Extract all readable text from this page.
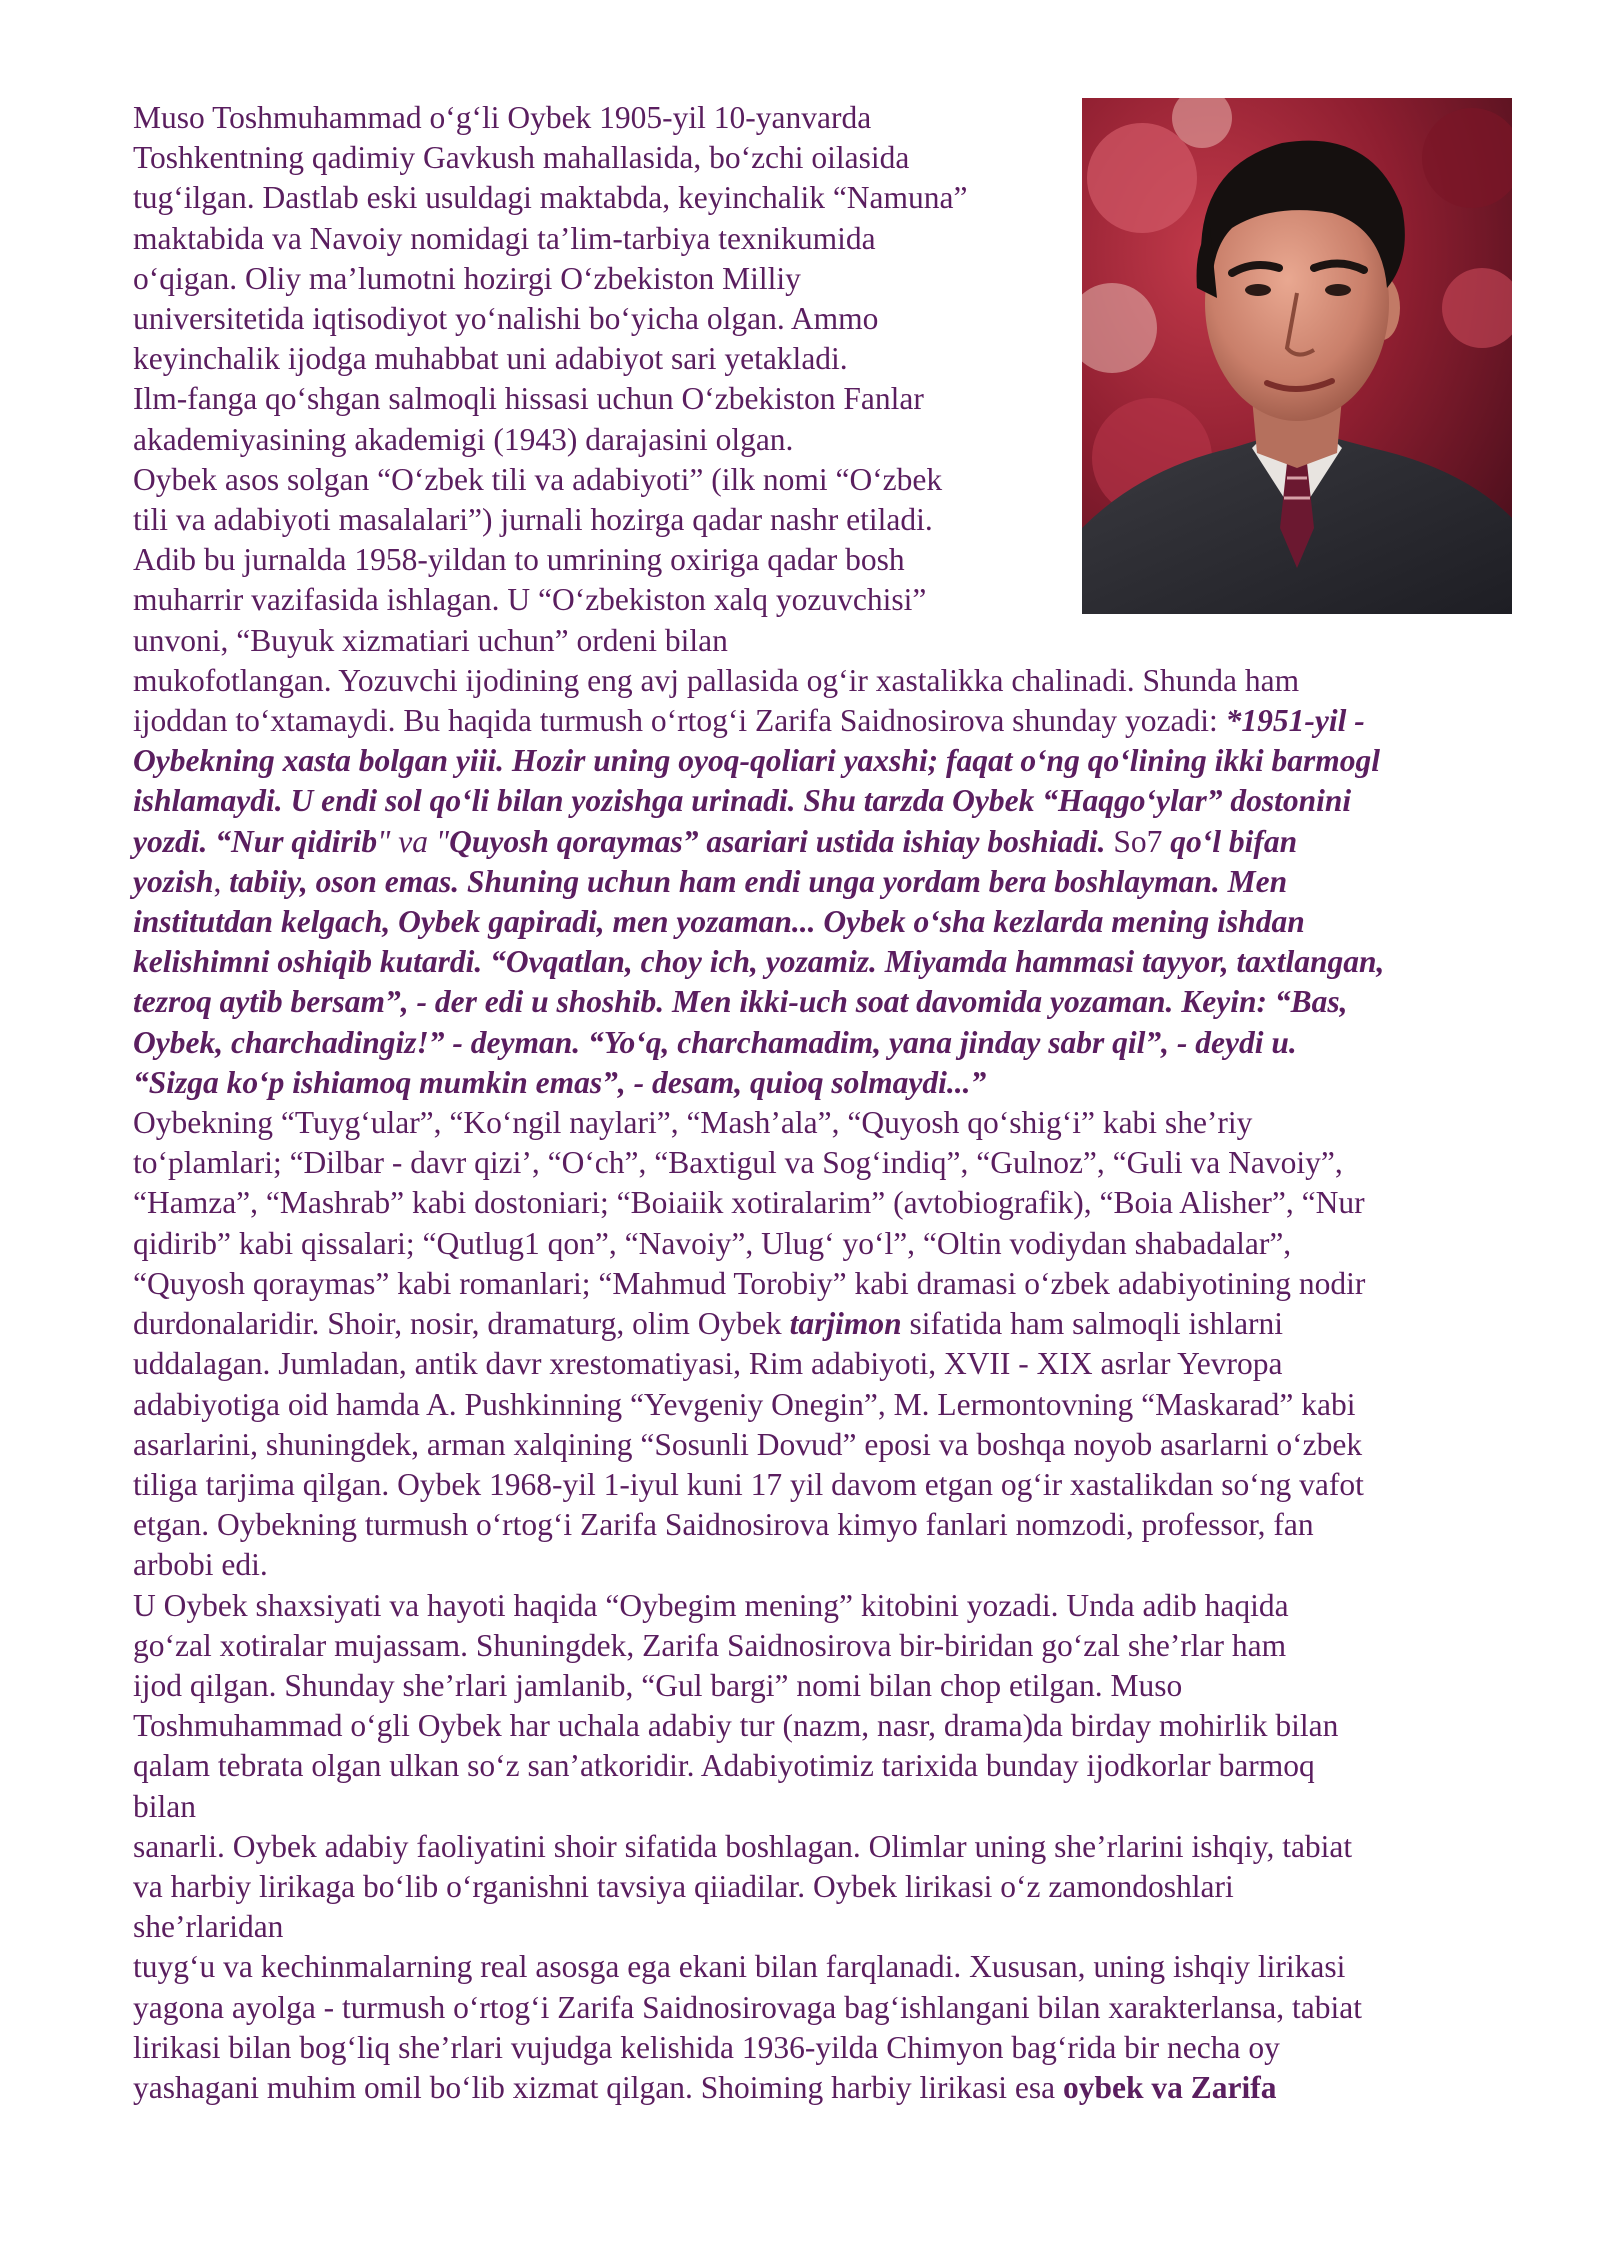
Muso Toshmuhammad o‘g‘li Oybek 1905-yil 10-yanvarda
Toshkentning qadimiy Gavkush mahallasida, bo‘zchi oilasida
tug‘ilgan. Dastlab eski usuldagi maktabda, keyinchalik “Namuna”
maktabida va Navoiy nomidagi ta’lim-tarbiya texnikumida
o‘qigan. Oliy ma’lumotni hozirgi O‘zbekiston Milliy
universitetida iqtisodiyot yo‘nalishi bo‘yicha olgan. Ammo
keyinchalik ijodga muhabbat uni adabiyot sari yetakladi.
Ilm-fanga qo‘shgan salmoqli hissasi uchun O‘zbekiston Fanlar
akademiyasining akademigi (1943) darajasini olgan.
Oybek asos solgan “O‘zbek tili va adabiyoti” (ilk nomi “O‘zbek
tili va adabiyoti masalalari”) jurnali hozirga qadar nashr etiladi.
Adib bu jurnalda 1958-yildan to umrining oxiriga qadar bosh
muharrir vazifasida ishlagan. U “O‘zbekiston xalq yozuvchisi”
unvoni, “Buyuk xizmatiari uchun” ordeni bilan
mukofotlangan. Yozuvchi ijodining eng avj pallasida og‘ir xastalikka chalinadi. Shunda ham
ijoddan to‘xtamaydi. Bu haqida turmush o‘rtog‘i Zarifa Saidnosirova shunday yozadi: *1951-yil -
Oybekning xasta bolgan yiii. Hozir uning oyoq-qoliari yaxshi; faqat o‘ng qo‘lining ikki barmogl
ishlamaydi. U endi sol qo‘li bilan yozishga urinadi. Shu tarzda Oybek “Haqgo‘ylar” dostonini
yozdi. “Nur qidirib" va "Quyosh qoraymas” asariari ustida ishiay boshiadi. So7 qo‘l bifan
yozish, tabiiy, oson emas. Shuning uchun ham endi unga yordam bera boshlayman. Men
institutdan kelgach, Oybek gapiradi, men yozaman... Oybek o‘sha kezlarda mening ishdan
kelishimni oshiqib kutardi. “Ovqatlan, choy ich, yozamiz. Miyamda hammasi tayyor, taxtlangan,
tezroq aytib bersam”, - der edi u shoshib. Men ikki-uch soat davomida yozaman. Keyin: “Bas,
Oybek, charchadingiz!” - deyman. “Yo‘q, charchamadim, yana jinday sabr qil”, - deydi u.
“Sizga ko‘p ishiamoq mumkin emas”, - desam, quioq solmaydi...”
Oybekning “Tuyg‘ular”, “Ko‘ngil naylari”, “Mash’ala”, “Quyosh qo‘shig‘i” kabi she’riy
to‘plamlari; “Dilbar - davr qizi’, “O‘ch”, “Baxtigul va Sog‘indiq”, “Gulnoz”, “Guli va Navoiy”,
“Hamza”, “Mashrab” kabi dostoniari; “Boiaiik xotiralarim” (avtobiografik), “Boia Alisher”, “Nur
qidirib” kabi qissalari; “Qutlug1 qon”, “Navoiy”, Ulug‘ yo‘l”, “Oltin vodiydan shabadalar”,
“Quyosh qoraymas” kabi romanlari; “Mahmud Torobiy” kabi dramasi o‘zbek adabiyotining nodir
durdonalaridir. Shoir, nosir, dramaturg, olim Oybek tarjimon sifatida ham salmoqli ishlarni
uddalagan. Jumladan, antik davr xrestomatiyasi, Rim adabiyoti, XVII - XIX asrlar Yevropa
adabiyotiga oid hamda A. Pushkinning “Yevgeniy Onegin”, M. Lermontovning “Maskarad” kabi
asarlarini, shuningdek, arman xalqining “Sosunli Dovud” eposi va boshqa noyob asarlarni o‘zbek
tiliga tarjima qilgan. Oybek 1968-yil 1-iyul kuni 17 yil davom etgan og‘ir xastalikdan so‘ng vafot
etgan. Oybekning turmush o‘rtog‘i Zarifa Saidnosirova kimyo fanlari nomzodi, professor, fan
arbobi edi.
U Oybek shaxsiyati va hayoti haqida “Oybegim mening” kitobini yozadi. Unda adib haqida
go‘zal xotiralar mujassam. Shuningdek, Zarifa Saidnosirova bir-biridan go‘zal she’rlar ham
ijod qilgan. Shunday she’rlari jamlanib, “Gul bargi” nomi bilan chop etilgan. Muso
Toshmuhammad o‘gli Oybek har uchala adabiy tur (nazm, nasr, drama)da birday mohirlik bilan
qalam tebrata olgan ulkan so‘z san’atkoridir. Adabiyotimiz tarixida bunday ijodkorlar barmoq
bilan
sanarli. Oybek adabiy faoliyatini shoir sifatida boshlagan. Olimlar uning she’rlarini ishqiy, tabiat
va harbiy lirikaga bo‘lib o‘rganishni tavsiya qiiadilar. Oybek lirikasi o‘z zamondoshlari
she’rlaridan
tuyg‘u va kechinmalarning real asosga ega ekani bilan farqlanadi. Xususan, uning ishqiy lirikasi
yagona ayolga - turmush o‘rtog‘i Zarifa Saidnosirovaga bag‘ishlangani bilan xarakterlansa, tabiat
lirikasi bilan bog‘liq she’rlari vujudga kelishida 1936-yilda Chimyon bag‘rida bir necha oy
yashagani muhim omil bo‘lib xizmat qilgan. Shoiming harbiy lirikasi esa oybek va Zarifa
